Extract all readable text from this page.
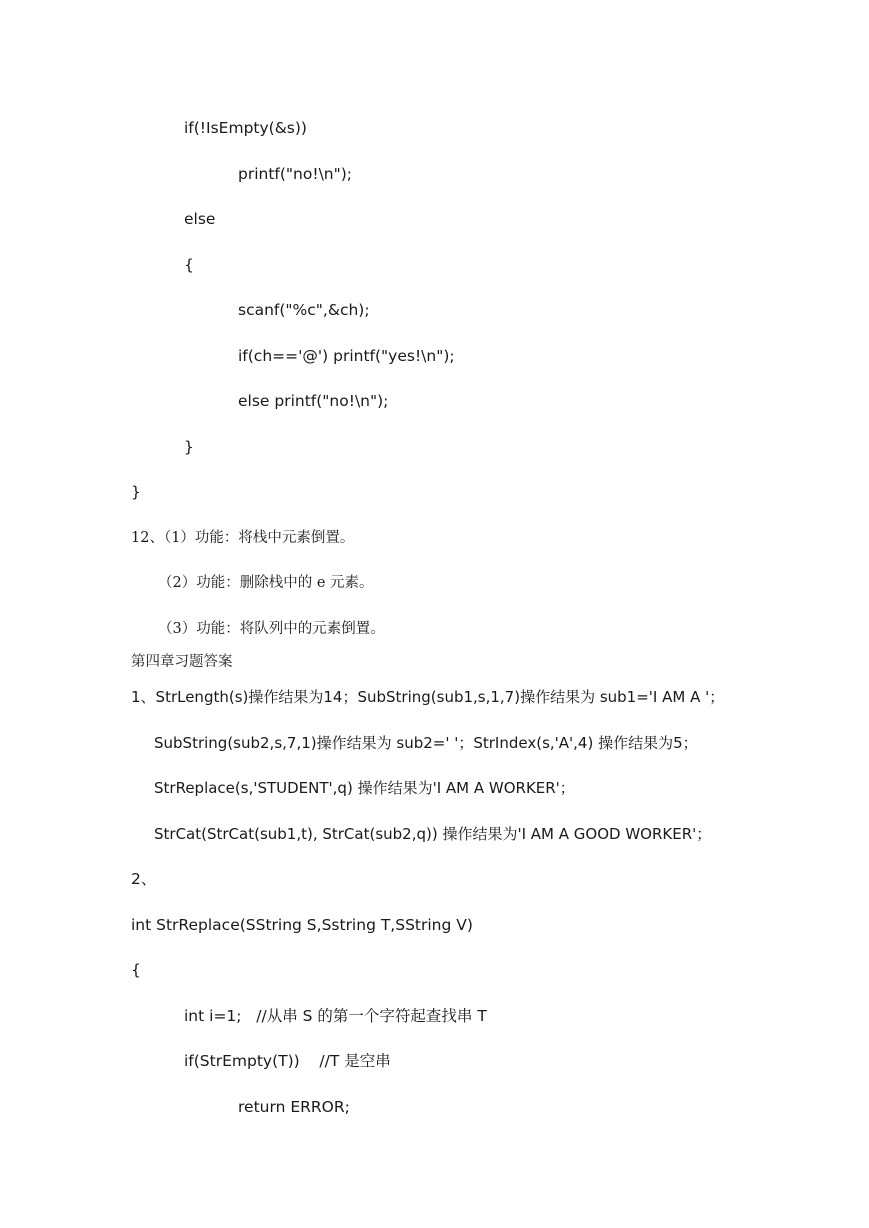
if(!IsEmpty(&s))
printf("no!\n");
else
{
scanf("%c",&ch);
if(ch=='@') printf("yes!\n");
else printf("no!\n");
}
}
12、（1）功能：将栈中元素倒置。
（2）功能：删除栈中的 e 元素。
（3）功能：将队列中的元素倒置。
第四章习题答案
1、StrLength(s)操作结果为14；SubString(sub1,s,1,7)操作结果为 sub1='I AM A '；
SubString(sub2,s,7,1)操作结果为 sub2=' '；StrIndex(s,'A',4) 操作结果为5；
StrReplace(s,'STUDENT',q) 操作结果为'I AM A WORKER'；
StrCat(StrCat(sub1,t), StrCat(sub2,q)) 操作结果为'I AM A GOOD WORKER'；
2、
int StrReplace(SString S,Sstring T,SString V)
{
int i=1;   //从串 S 的第一个字符起查找串 T
if(StrEmpty(T))    //T 是空串
return ERROR;
